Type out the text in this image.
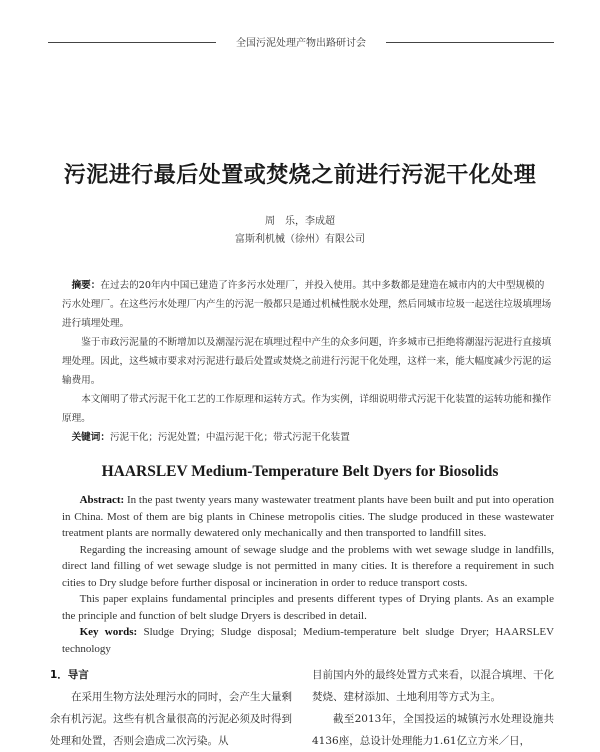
全国污泥处理产物出路研讨会
污泥进行最后处置或焚烧之前进行污泥干化处理
周　乐，李成超
富斯利机械（徐州）有限公司

摘要：在过去的20年内中国已建造了许多污水处理厂，并投入使用。其中多数都是建造在城市内的大中型规模的污水处理厂。在这些污水处理厂内产生的污泥一般都只是通过机械性脱水处理，然后同城市垃圾一起送往垃圾填埋场进行填埋处理。

鉴于市政污泥量的不断增加以及潮湿污泥在填埋过程中产生的众多问题，许多城市已拒绝将潮湿污泥进行直接填埋处理。因此，这些城市要求对污泥进行最后处置或焚烧之前进行污泥干化处理，这样一来，能大幅度减少污泥的运输费用。

本文阐明了带式污泥干化工艺的工作原理和运转方式。作为实例，详细说明带式污泥干化装置的运转功能和操作原理。

关键词：污泥干化；污泥处置；中温污泥干化；带式污泥干化装置

HAARSLEV Medium-Temperature Belt Dyers for Biosolids

Abstract: In the past twenty years many wastewater treatment plants have been built and put into operation in China. Most of them are big plants in Chinese metropolis cities. The sludge produced in these wastewater treatment plants are normally dewatered only mechanically and then transported to landfill sites.

Regarding the increasing amount of sewage sludge and the problems with wet sewage sludge in landfills, direct land filling of wet sewage sludge is not permitted in many cities. It is therefore a requirement in such cities to Dry sludge before further disposal or incineration in order to reduce transport costs.

This paper explains fundamental principles and presents different types of Drying plants. As an example the principle and function of belt sludge Dryers is described in detail.

Key words: Sludge Drying; Sludge disposal; Medium-temperature belt sludge Dryer; HAARSLEV technology

1．导言

在采用生物方法处理污水的同时，会产生大量剩余有机污泥。这些有机含量很高的污泥必须及时得到处理和处置，否则会造成二次污染。从

目前国内外的最终处置方式来看，以混合填埋、干化焚烧、建材添加、土地利用等方式为主。

截至2013年，全国投运的城镇污水处理设施共4136座，总设计处理能力1.61亿立方米／日，
